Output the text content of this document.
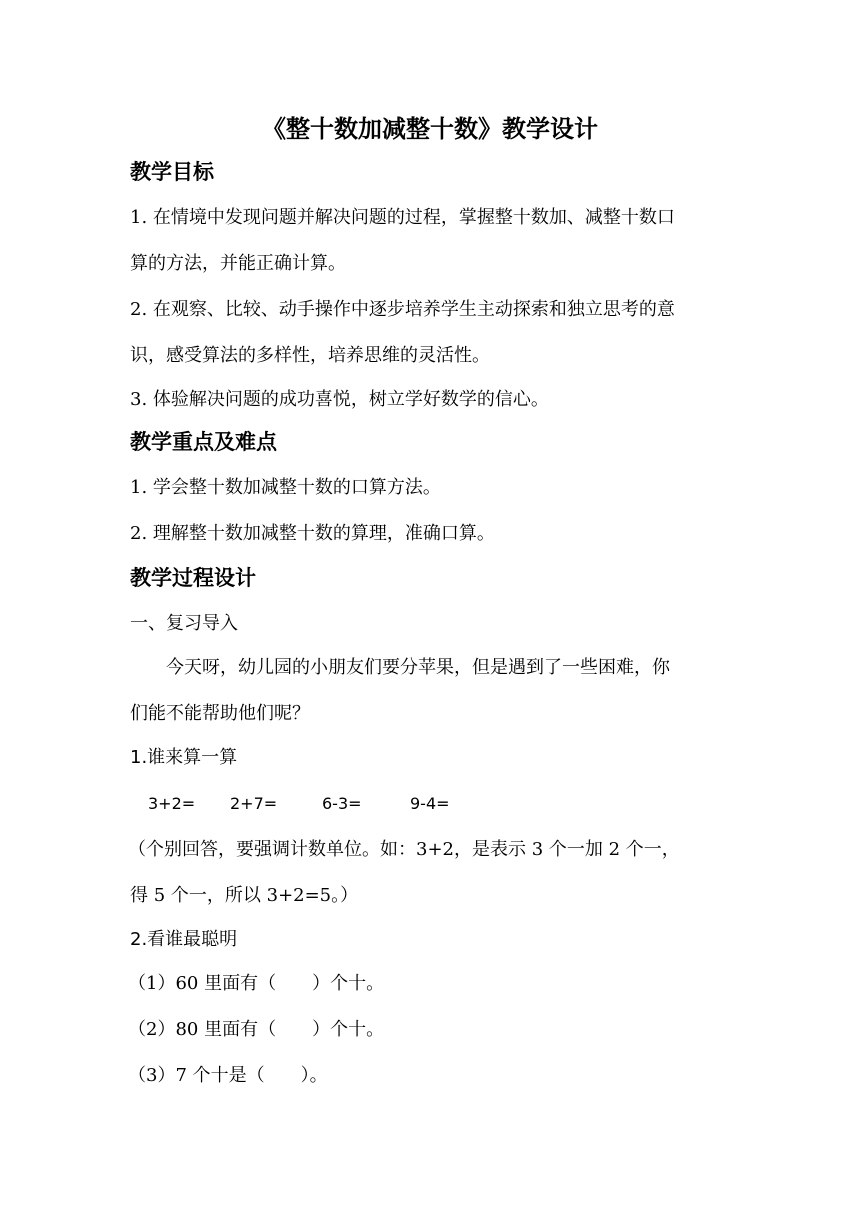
《整十数加减整十数》教学设计
教学目标
1. 在情境中发现问题并解决问题的过程，掌握整十数加、减整十数口
算的方法，并能正确计算。
2. 在观察、比较、动手操作中逐步培养学生主动探索和独立思考的意
识，感受算法的多样性，培养思维的灵活性。
3. 体验解决问题的成功喜悦，树立学好数学的信心。
教学重点及难点
1. 学会整十数加减整十数的口算方法。
2. 理解整十数加减整十数的算理，准确口算。
教学过程设计
一、复习导入
今天呀，幼儿园的小朋友们要分苹果，但是遇到了一些困难，你
们能不能帮助他们呢？
1.谁来算一算
3+2= 2+7=	6-3=	9-4=
（个别回答，要强调计数单位。如：3+2，是表示 3 个一加 2 个一，
得 5 个一，所以 3+2=5。）
2.看谁最聪明
（1）60 里面有（　　）个十。
（2）80 里面有（　　）个十。
（3）7 个十是（　　）。
